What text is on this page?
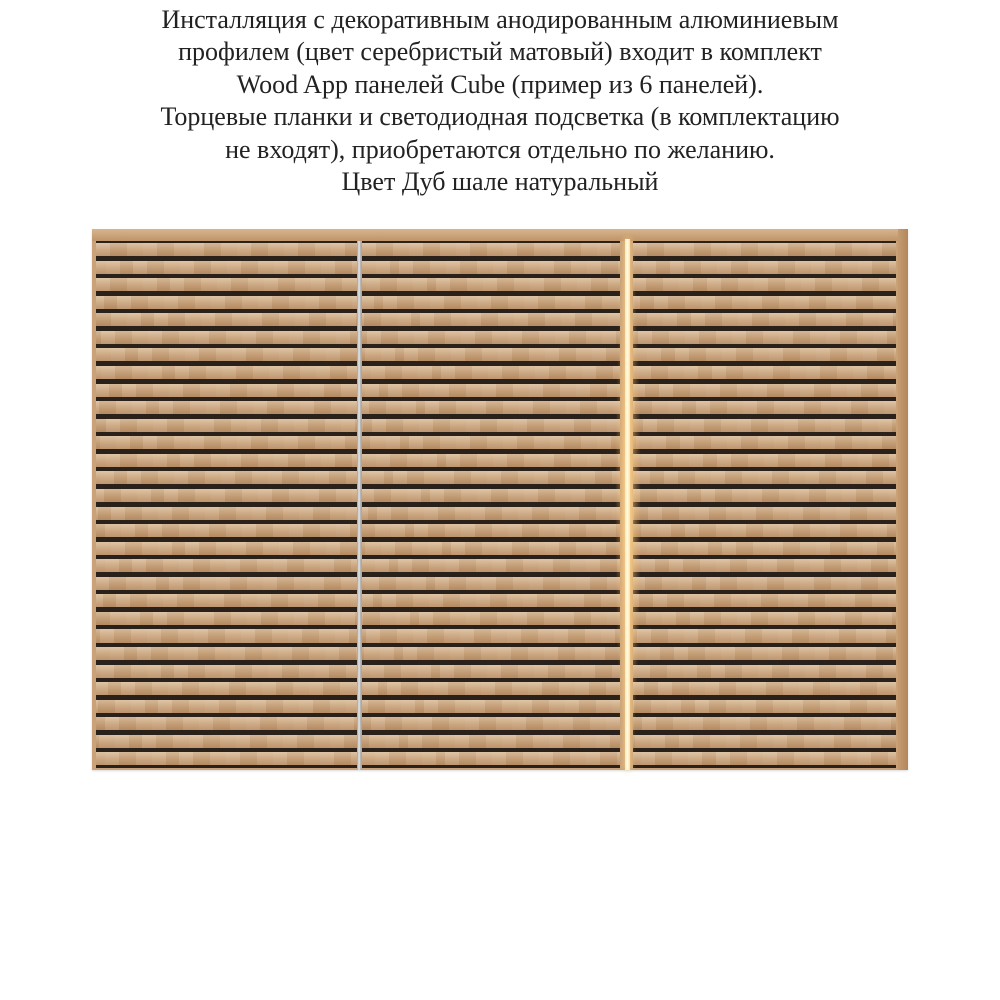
Инсталляция с декоративным анодированным алюминиевым
профилем (цвет серебристый матовый) входит в комплект
Wood App панелей Cube (пример из 6 панелей).
Торцевые планки и светодиодная подсветка (в комплектацию
не входят), приобретаются отдельно по желанию.
Цвет Дуб шале натуральный
